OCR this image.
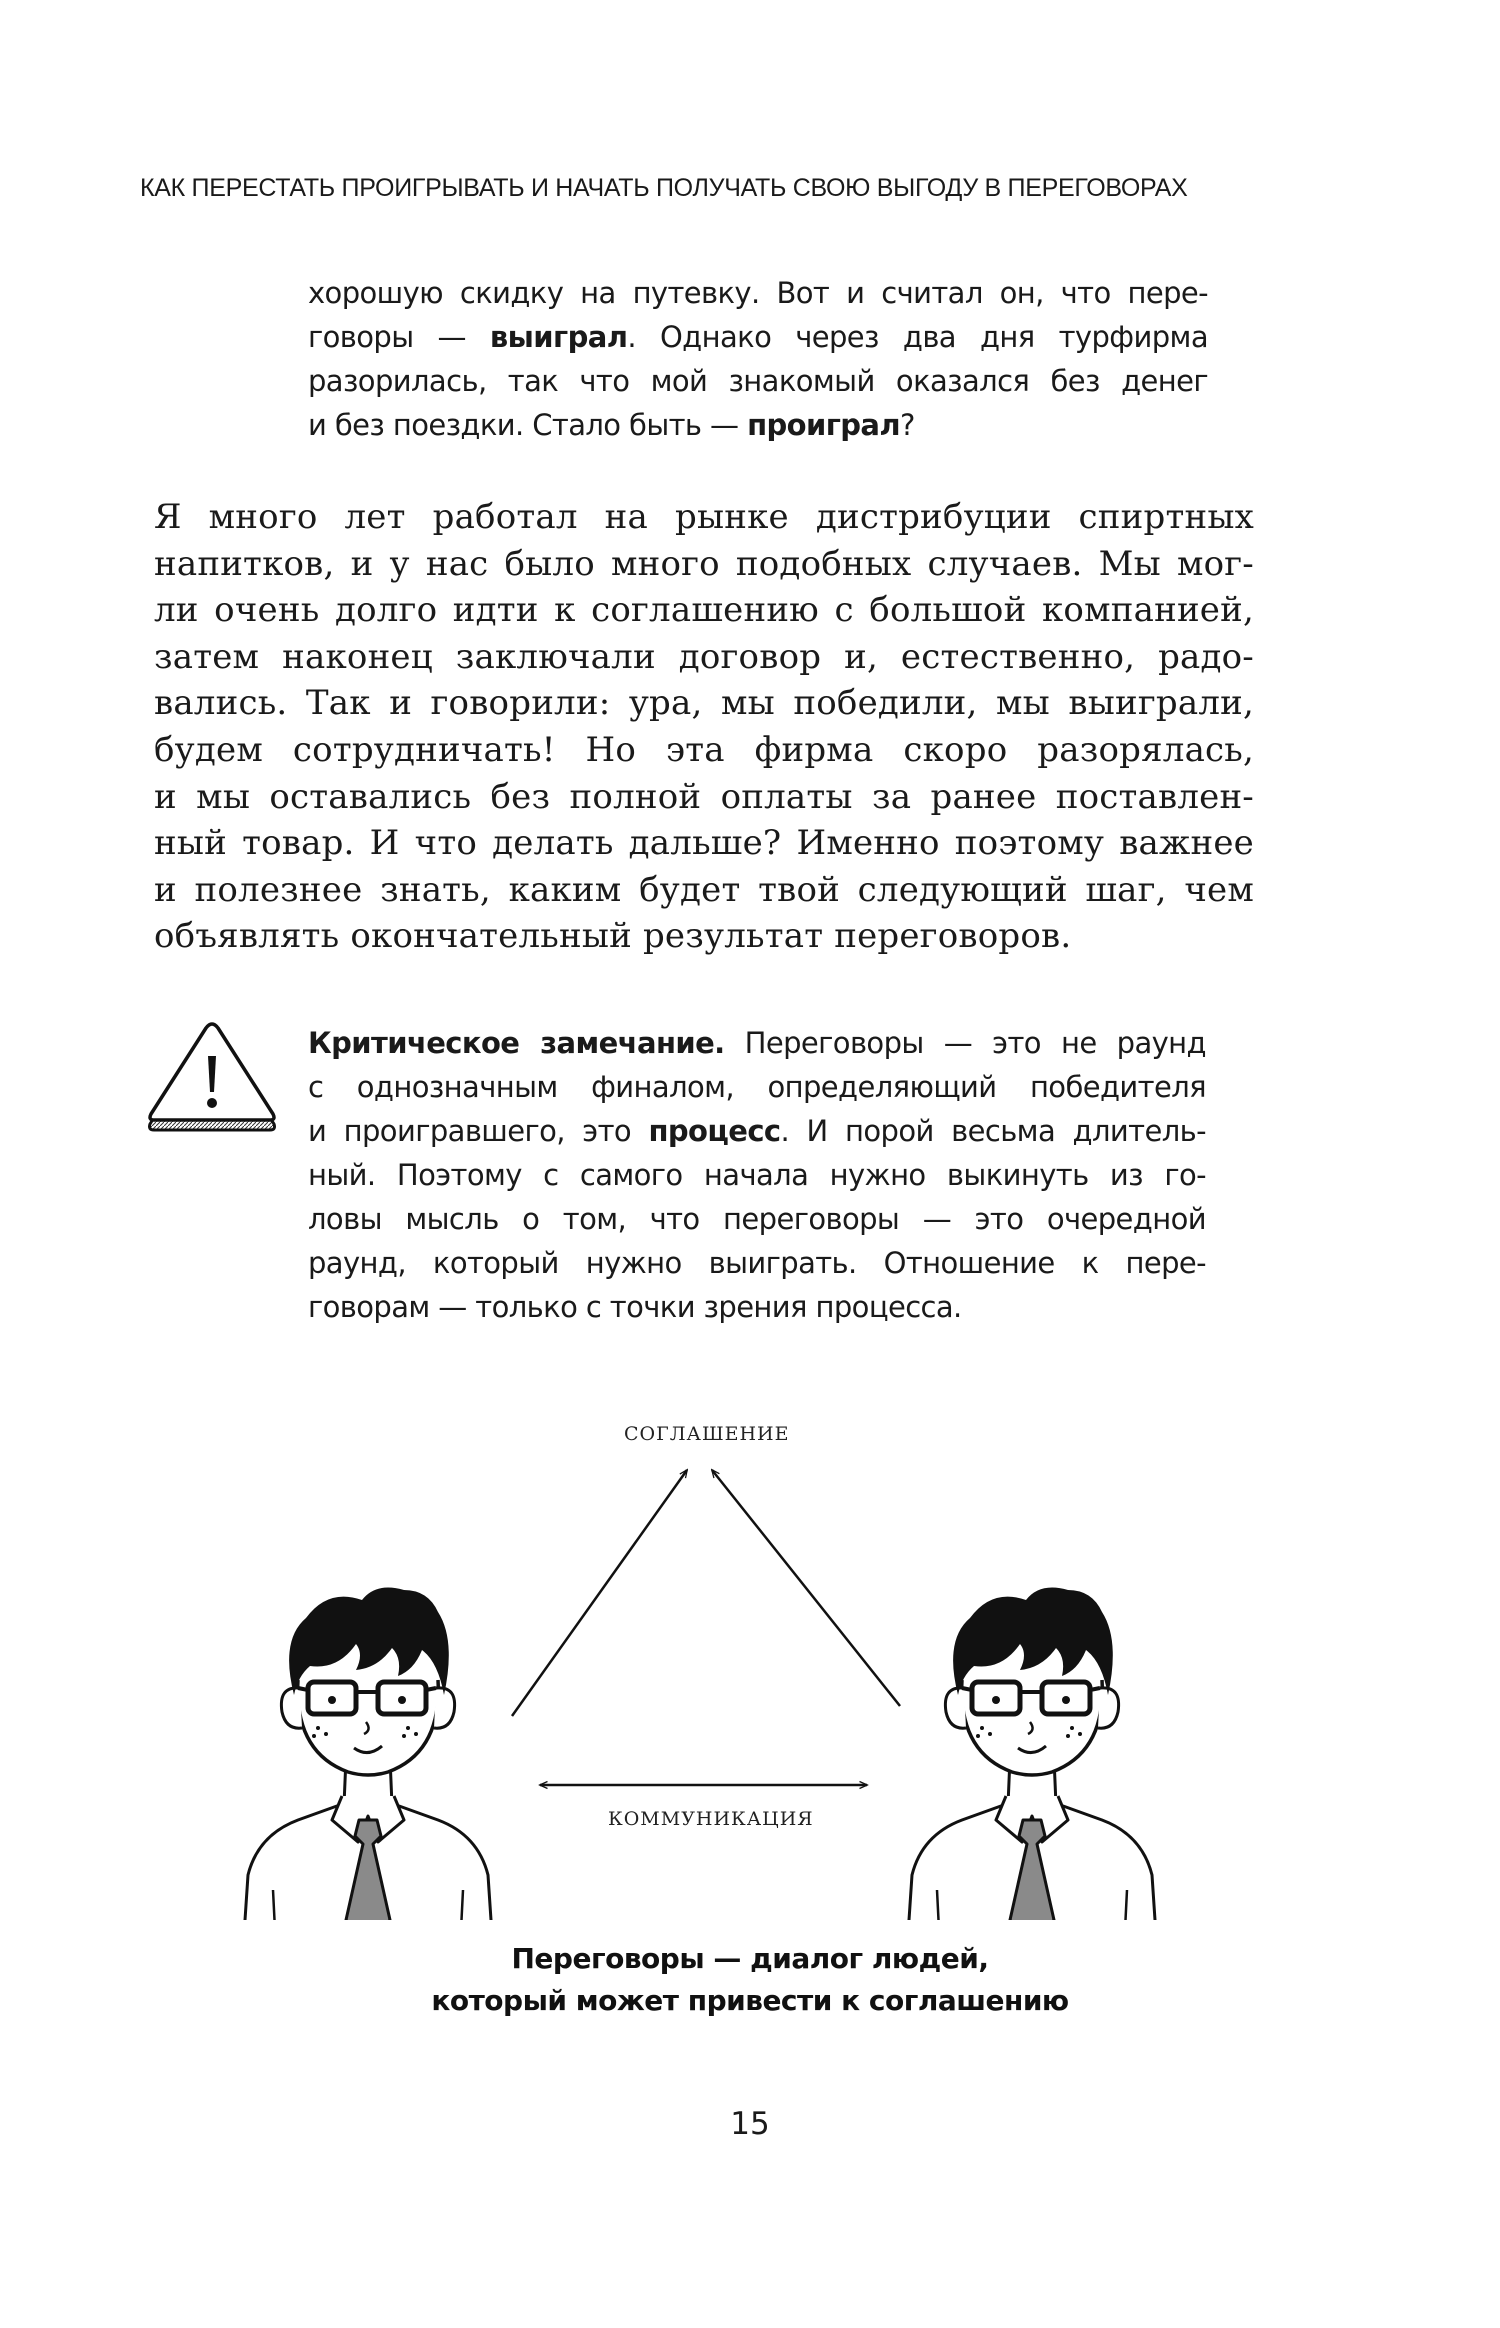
КАК ПЕРЕСТАТЬ ПРОИГРЫВАТЬ И НАЧАТЬ ПОЛУЧАТЬ СВОЮ ВЫГОДУ В ПЕРЕГОВОРАХ
хорошую скидку на путевку. Вот и считал он, что пере-
говоры — выиграл. Однако через два дня турфирма
разорилась, так что мой знакомый оказался без денег
и без поездки. Стало быть — проиграл?
Я много лет работал на рынке дистрибуции спиртных
напитков, и у нас было много подобных случаев. Мы мог-
ли очень долго идти к соглашению с большой компанией,
затем наконец заключали договор и, естественно, радо-
вались. Так и говорили: ура, мы победили, мы выиграли,
будем сотрудничать! Но эта фирма скоро разорялась,
и мы оставались без полной оплаты за ранее поставлен-
ный товар. И что делать дальше? Именно поэтому важнее
и полезнее знать, каким будет твой следующий шаг, чем
объявлять окончательный результат переговоров.
Критическое замечание. Переговоры — это не раунд
с однозначным финалом, определяющий победителя
и проигравшего, это процесс. И порой весьма длитель-
ный. Поэтому с самого начала нужно выкинуть из го-
ловы мысль о том, что переговоры — это очередной
раунд, который нужно выиграть. Отношение к пере-
говорам — только с точки зрения процесса.
СОГЛАШЕНИЕ
КОММУНИКАЦИЯ
Переговоры — диалог людей,
который может привести к соглашению
15
